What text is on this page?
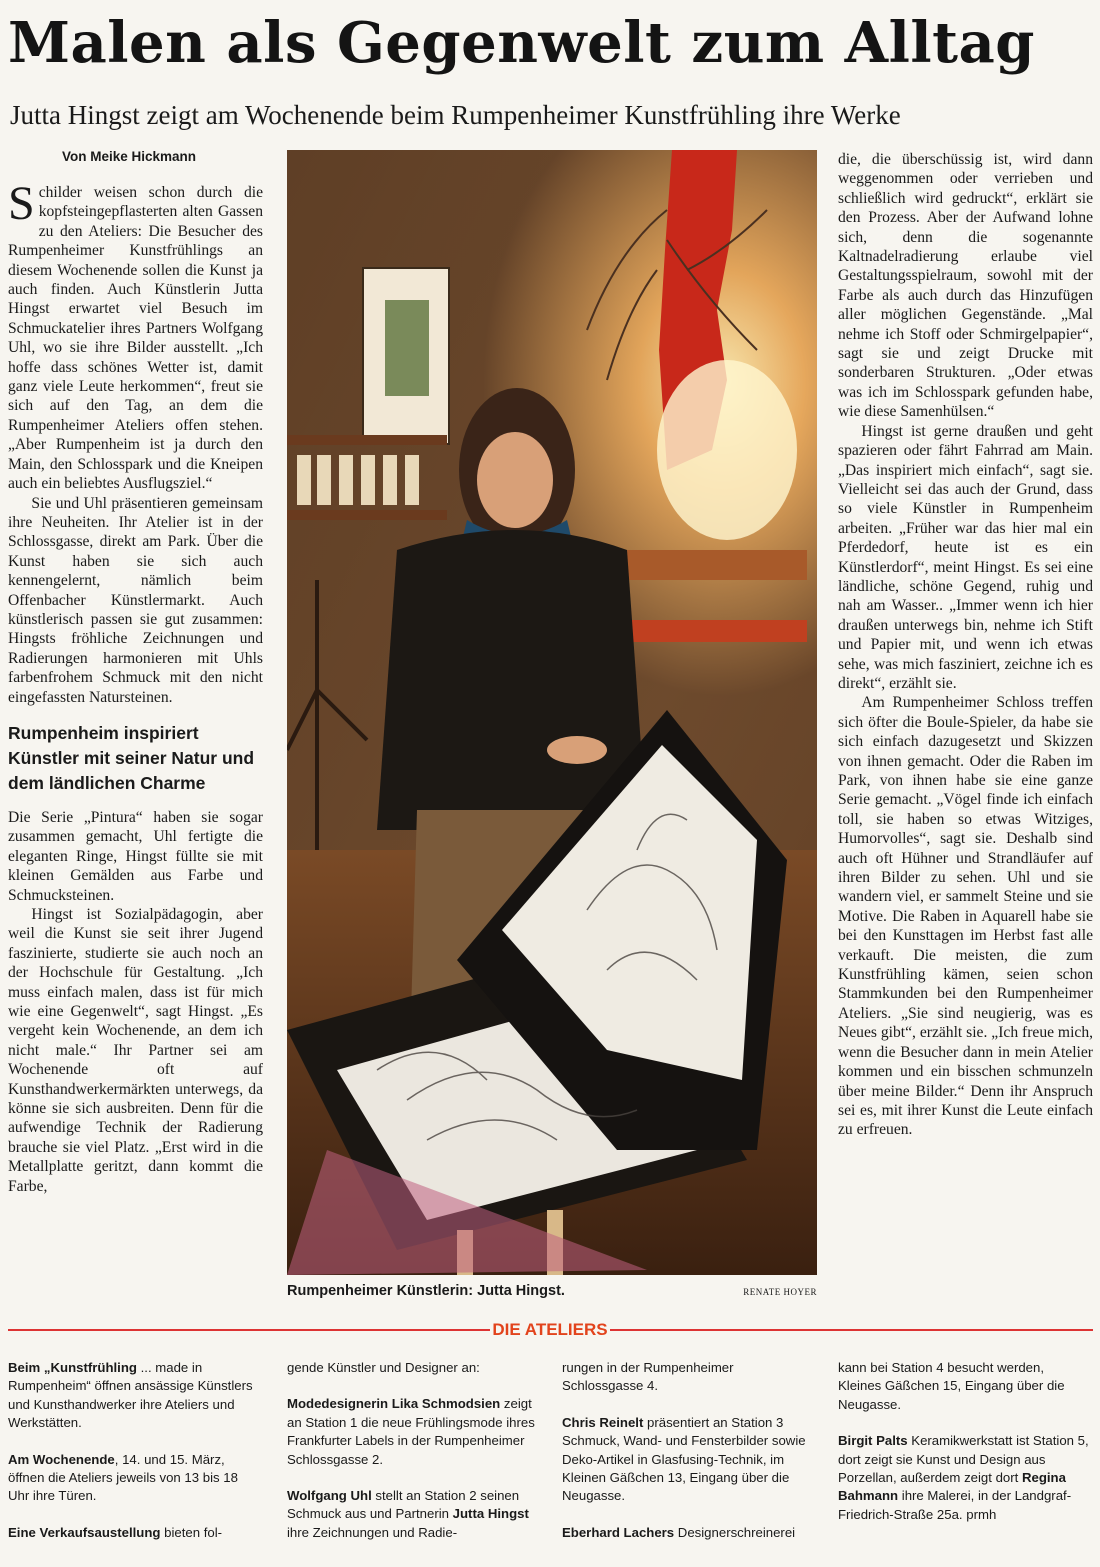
Malen als Gegenwelt zum Alltag
Jutta Hingst zeigt am Wochenende beim Rumpenheimer Kunstfrühling ihre Werke
Von Meike Hickmann

Schilder weisen schon durch die kopfsteingepflasterten alten Gassen zu den Ateliers: Die Besucher des Rumpenheimer Kunstfrühlings an diesem Wochenende sollen die Kunst ja auch finden. Auch Künstlerin Jutta Hingst erwartet viel Besuch im Schmuckatelier ihres Partners Wolfgang Uhl, wo sie ihre Bilder ausstellt. „Ich hoffe dass schönes Wetter ist, damit ganz viele Leute herkommen“, freut sie sich auf den Tag, an dem die Rumpenheimer Ateliers offen stehen. „Aber Rumpenheim ist ja durch den Main, den Schlosspark und die Kneipen auch ein beliebtes Ausflugsziel.“

Sie und Uhl präsentieren gemeinsam ihre Neuheiten. Ihr Atelier ist in der Schlossgasse, direkt am Park. Über die Kunst haben sie sich auch kennengelernt, nämlich beim Offenbacher Künstlermarkt. Auch künstlerisch passen sie gut zusammen: Hingsts fröhliche Zeichnungen und Radierungen harmonieren mit Uhls farbenfrohem Schmuck mit den nicht eingefassten Natursteinen.

Rumpenheim inspiriert Künstler mit seiner Natur und dem ländlichen Charme

Die Serie „Pintura“ haben sie sogar zusammen gemacht, Uhl fertigte die eleganten Ringe, Hingst füllte sie mit kleinen Gemälden aus Farbe und Schmucksteinen.

Hingst ist Sozialpädagogin, aber weil die Kunst sie seit ihrer Jugend faszinierte, studierte sie auch noch an der Hochschule für Gestaltung. „Ich muss einfach malen, dass ist für mich wie eine Gegenwelt“, sagt Hingst. „Es vergeht kein Wochenende, an dem ich nicht male.“ Ihr Partner sei am Wochenende oft auf Kunsthandwerkermärkten unterwegs, da könne sie sich ausbreiten. Denn für die aufwendige Technik der Radierung brauche sie viel Platz. „Erst wird in die Metallplatte geritzt, dann kommt die Farbe,

Rumpenheimer Künstlerin: Jutta Hingst.	RENATE HOYER

die, die überschüssig ist, wird dann weggenommen oder verrieben und schließlich wird gedruckt“, erklärt sie den Prozess. Aber der Aufwand lohne sich, denn die sogenannte Kaltnadelradierung erlaube viel Gestaltungsspielraum, sowohl mit der Farbe als auch durch das Hinzufügen aller möglichen Gegenstände. „Mal nehme ich Stoff oder Schmirgelpapier“, sagt sie und zeigt Drucke mit sonderbaren Strukturen. „Oder etwas was ich im Schlosspark gefunden habe, wie diese Samenhülsen.“

Hingst ist gerne draußen und geht spazieren oder fährt Fahrrad am Main. „Das inspiriert mich einfach“, sagt sie. Vielleicht sei das auch der Grund, dass so viele Künstler in Rumpenheim arbeiten. „Früher war das hier mal ein Pferdedorf, heute ist es ein Künstlerdorf“, meint Hingst. Es sei eine ländliche, schöne Gegend, ruhig und nah am Wasser.. „Immer wenn ich hier draußen unterwegs bin, nehme ich Stift und Papier mit, und wenn ich etwas sehe, was mich fasziniert, zeichne ich es direkt“, erzählt sie.

Am Rumpenheimer Schloss treffen sich öfter die Boule-Spieler, da habe sie sich einfach dazugesetzt und Skizzen von ihnen gemacht. Oder die Raben im Park, von ihnen habe sie eine ganze Serie gemacht. „Vögel finde ich einfach toll, sie haben so etwas Witziges, Humorvolles“, sagt sie. Deshalb sind auch oft Hühner und Strandläufer auf ihren Bilder zu sehen. Uhl und sie wandern viel, er sammelt Steine und sie Motive. Die Raben in Aquarell habe sie bei den Kunsttagen im Herbst fast alle verkauft. Die meisten, die zum Kunstfrühling kämen, seien schon Stammkunden bei den Rumpenheimer Ateliers. „Sie sind neugierig, was es Neues gibt“, erzählt sie. „Ich freue mich, wenn die Besucher dann in mein Atelier kommen und ein bisschen schmunzeln über meine Bilder.“ Denn ihr Anspruch sei es, mit ihrer Kunst die Leute einfach zu erfreuen.

DIE ATELIERS

Beim „Kunstfrühling ... made in Rumpenheim“ öffnen ansässige Künstlers und Kunsthandwerker ihre Ateliers und Werkstätten.

Am Wochenende, 14. und 15. März, öffnen die Ateliers jeweils von 13 bis 18 Uhr ihre Türen.

Eine Verkaufsaustellung bieten fol-

gende Künstler und Designer an:

Modedesignerin Lika Schmodsien zeigt an Station 1 die neue Frühlingsmode ihres Frankfurter Labels in der Rumpenheimer Schlossgasse 2.

Wolfgang Uhl stellt an Station 2 seinen Schmuck aus und Partnerin Jutta Hingst ihre Zeichnungen und Radie-

rungen in der Rumpenheimer Schlossgasse 4.

Chris Reinelt präsentiert an Station 3 Schmuck, Wand- und Fensterbilder sowie Deko-Artikel in Glasfusing-Technik, im Kleinen Gäßchen 13, Eingang über die Neugasse.

Eberhard Lachers Designerschreinerei

kann bei Station 4 besucht werden, Kleines Gäßchen 15, Eingang über die Neugasse.

Birgit Palts Keramikwerkstatt ist Station 5, dort zeigt sie Kunst und Design aus Porzellan, außerdem zeigt dort Regina Bahmann ihre Malerei, in der Landgraf- Friedrich-Straße 25a. prmh
